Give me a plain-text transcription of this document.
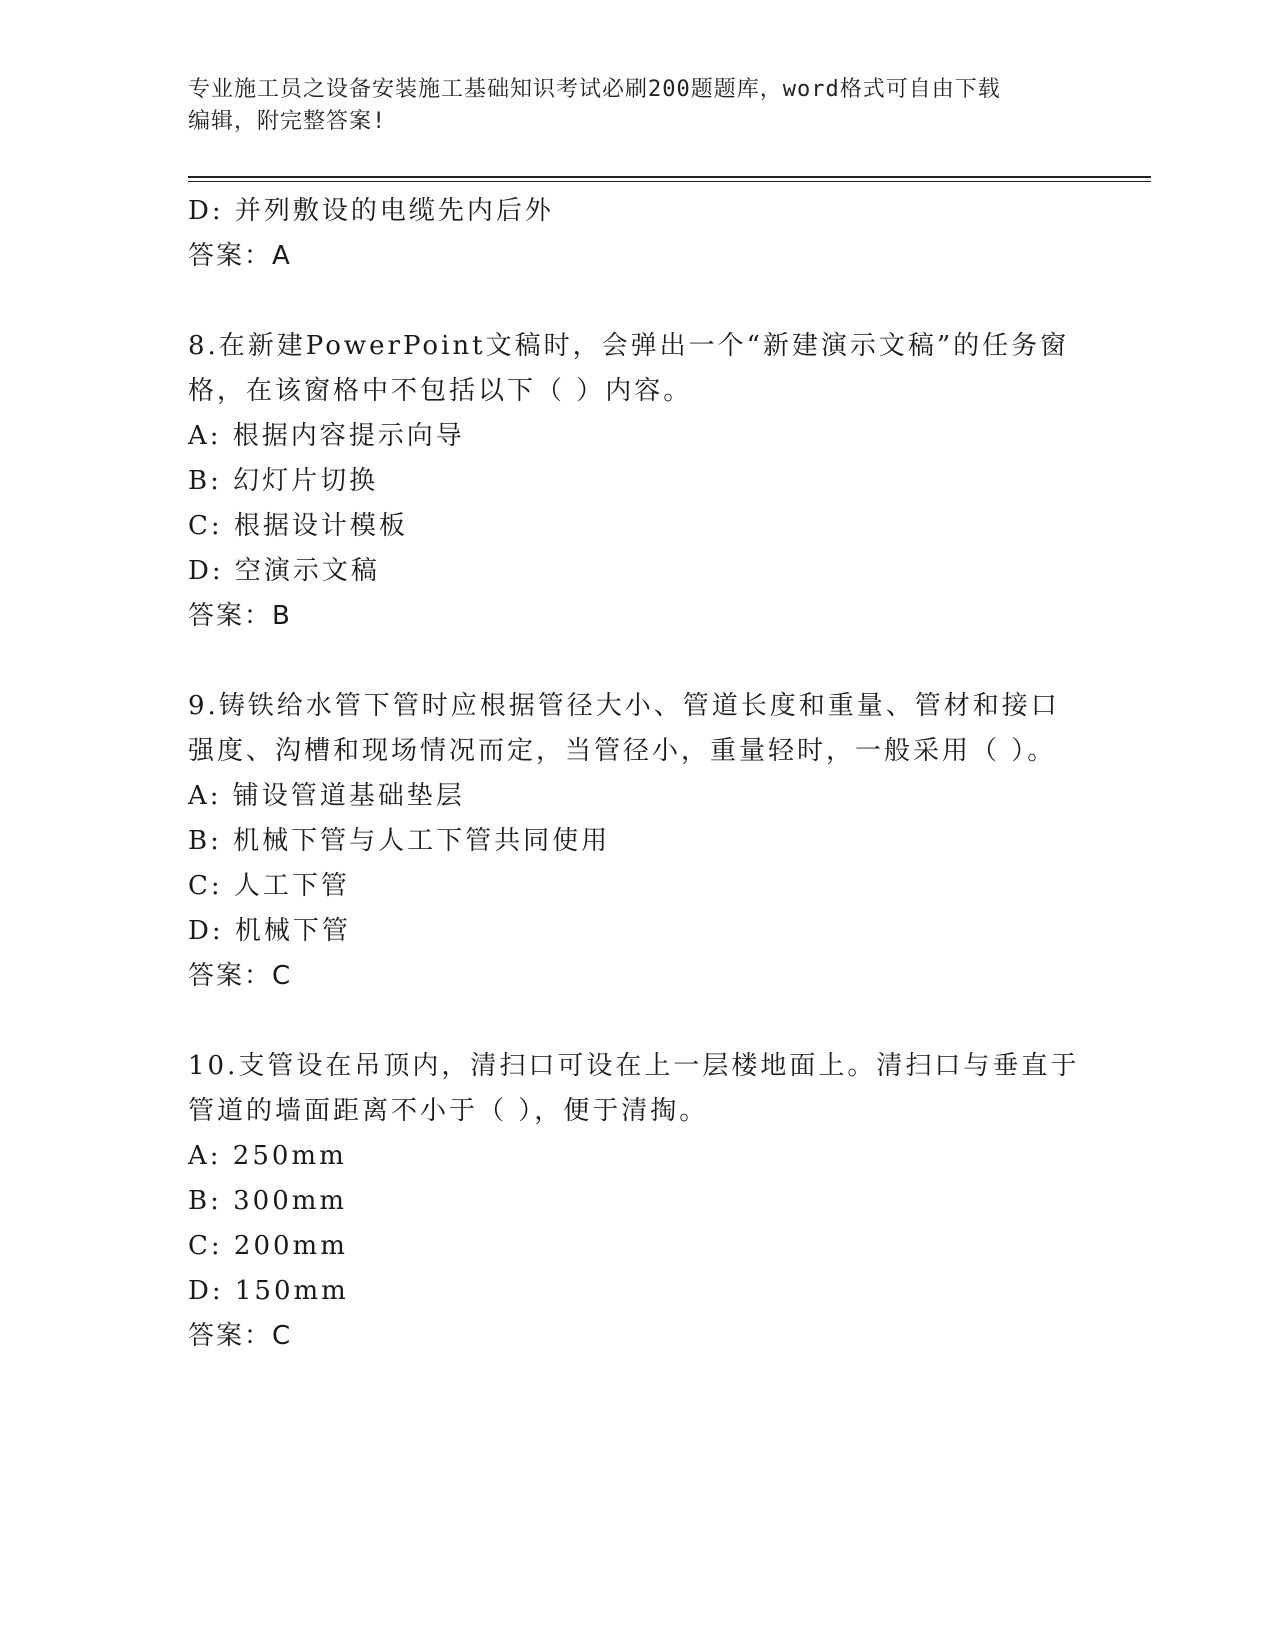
专业施工员之设备安装施工基础知识考试必刷200题题库，word格式可自由下载
编辑，附完整答案!
D: 并列敷设的电缆先内后外
答案：A
8.在新建PowerPoint文稿时，会弹出一个“新建演示文稿”的任务窗
格，在该窗格中不包括以下（ ）内容。
A: 根据内容提示向导
B: 幻灯片切换
C: 根据设计模板
D: 空演示文稿
答案：B
9.铸铁给水管下管时应根据管径大小、管道长度和重量、管材和接口
强度、沟槽和现场情况而定，当管径小，重量轻时，一般采用（ ）。
A: 铺设管道基础垫层
B: 机械下管与人工下管共同使用
C: 人工下管
D: 机械下管
答案：C
10.支管设在吊顶内，清扫口可设在上一层楼地面上。清扫口与垂直于
管道的墙面距离不小于（ ），便于清掏。
A: 250mm
B: 300mm
C: 200mm
D: 150mm
答案：C
